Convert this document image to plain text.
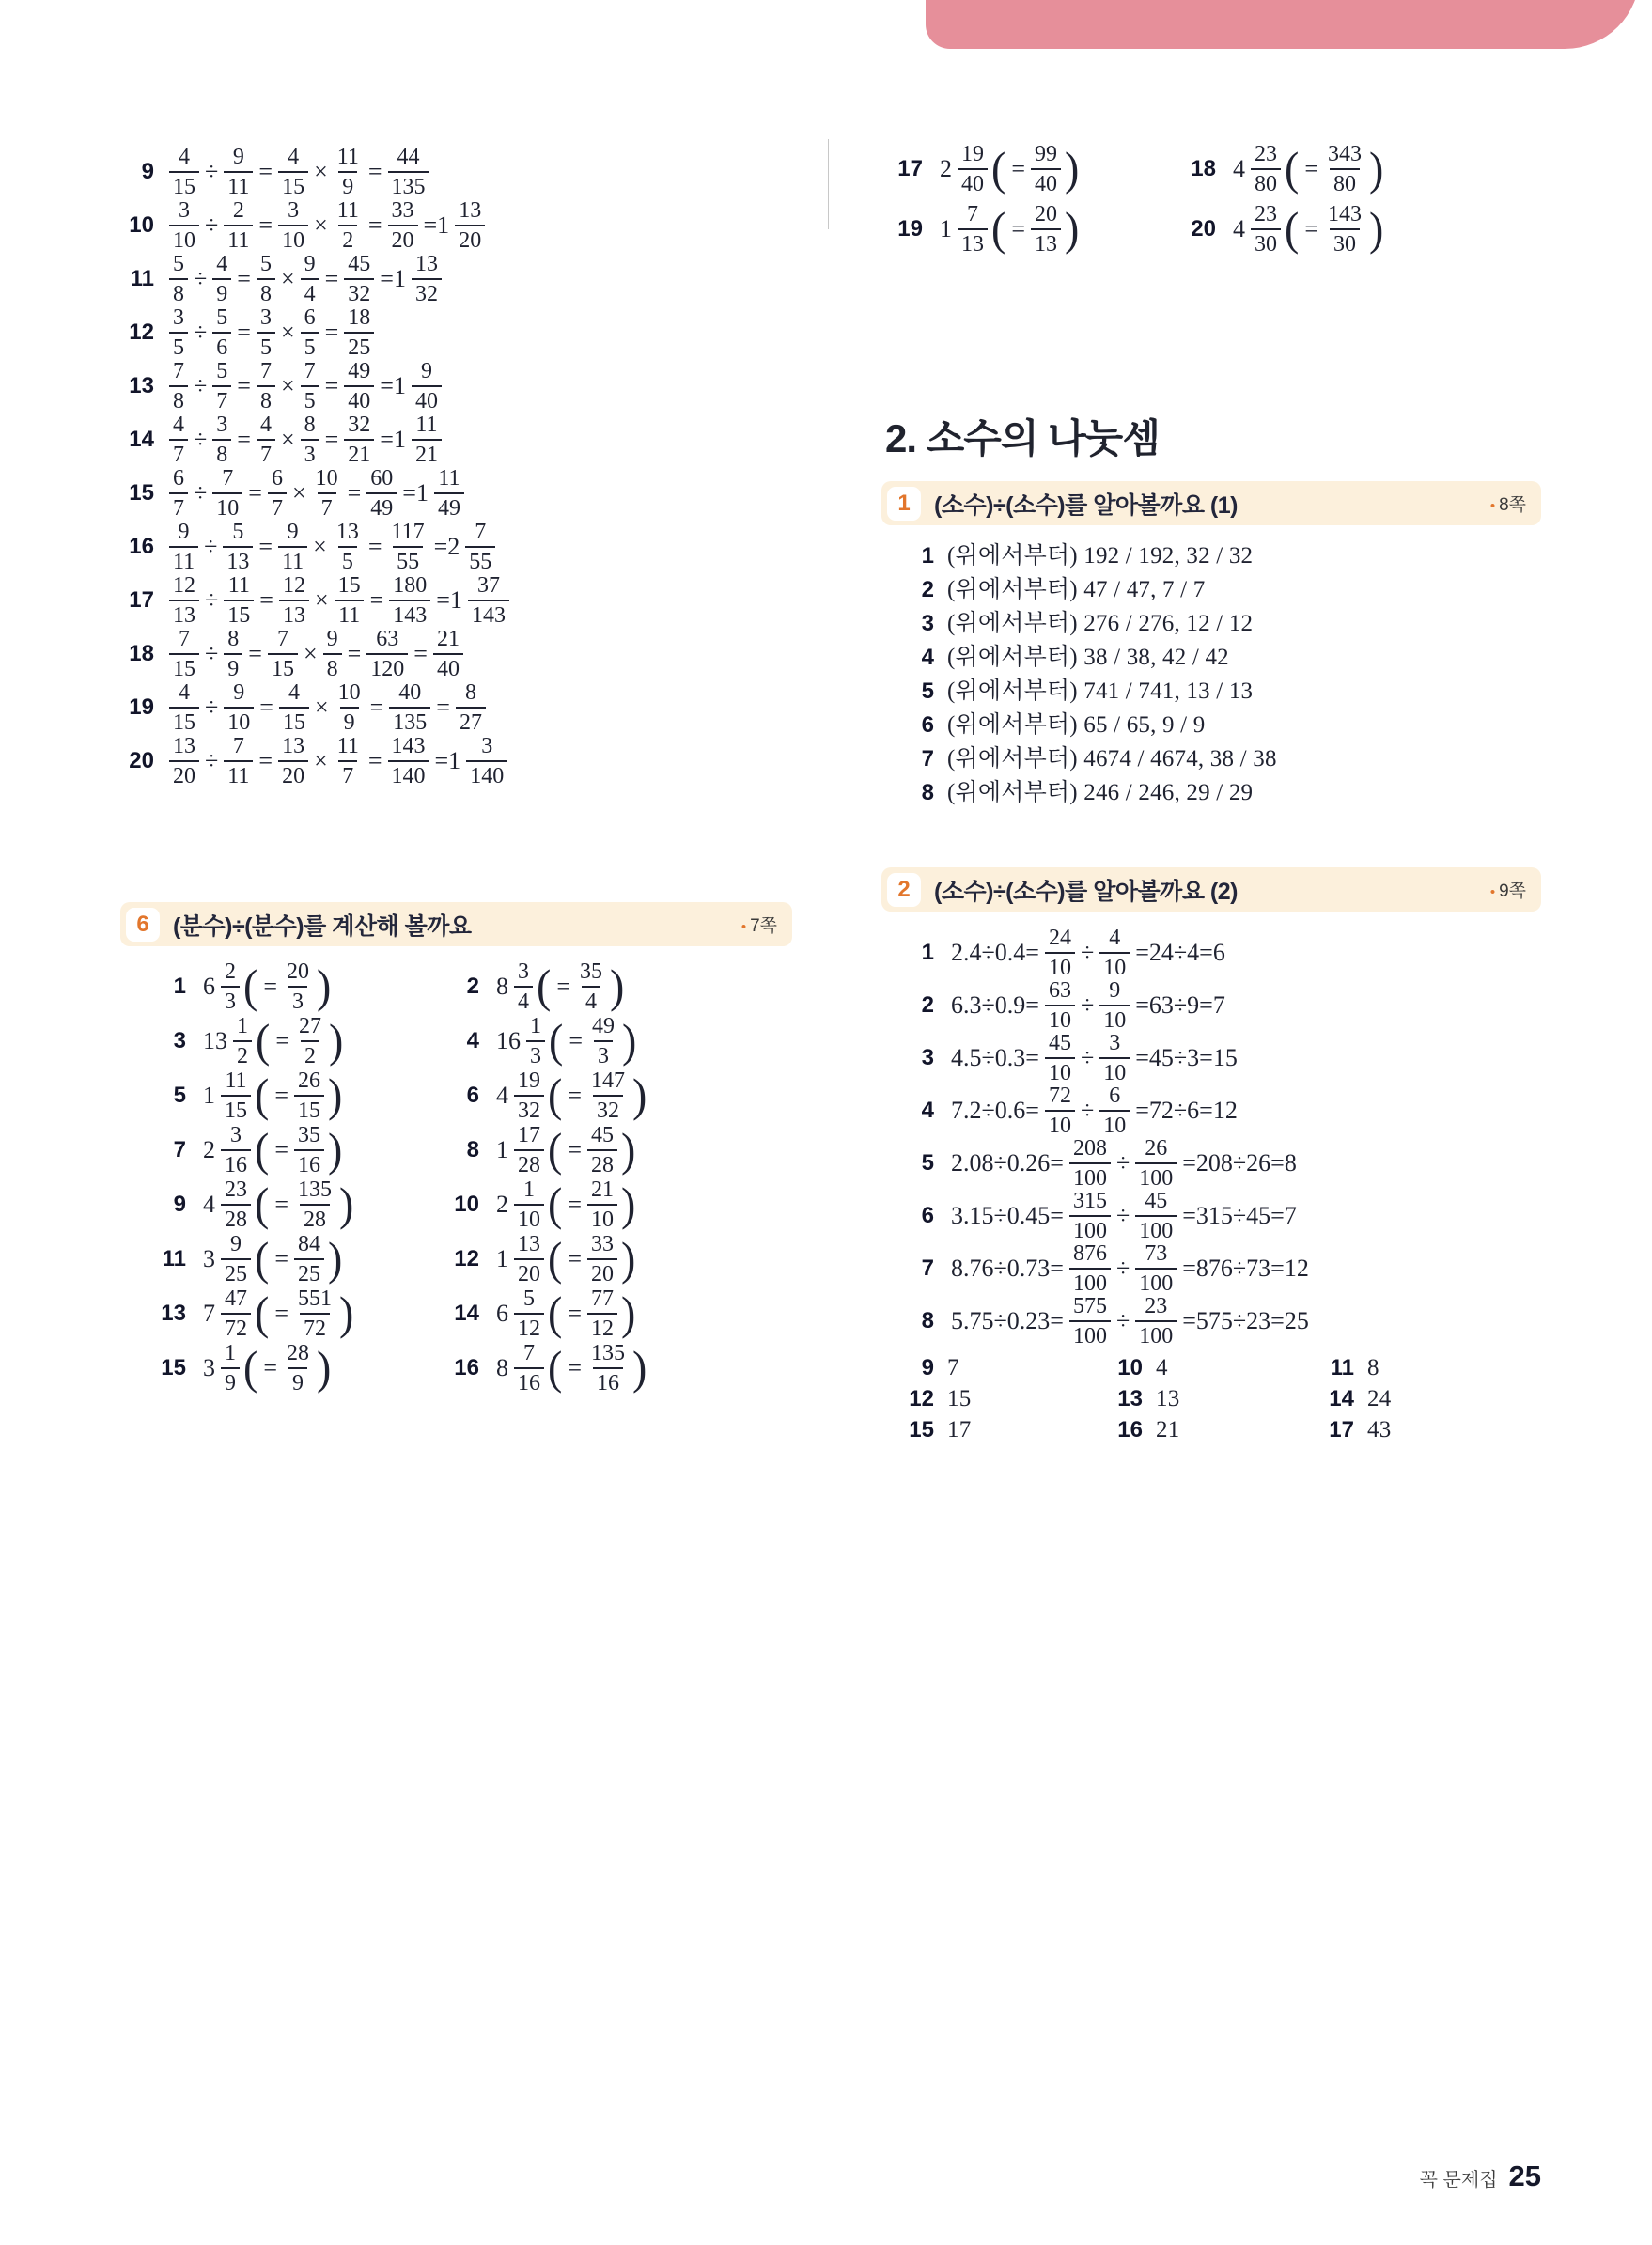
$9 \frac{4}{15} \div \frac{9}{11} = \frac{4}{15} \times \frac{11}{9} = \frac{44}{135}$
$10 \frac{3}{10} \div \frac{2}{11} = \frac{3}{10} \times \frac{11}{2} = \frac{33}{20} =1 \frac{13}{20}$
$11 \frac{5}{8} \div \frac{4}{9} = \frac{5}{8} \times \frac{9}{4} = \frac{45}{32} =1 \frac{13}{32}$
$12 \frac{3}{5} \div \frac{5}{6} = \frac{3}{5} \times \frac{6}{5} = \frac{18}{25}$
$13 \frac{7}{8} \div \frac{5}{7} = \frac{7}{8} \times \frac{7}{5} = \frac{49}{40} =1 \frac{9}{40}$
$14 \frac{4}{7} \div \frac{3}{8} = \frac{4}{7} \times \frac{8}{3} = \frac{32}{21} =1 \frac{11}{21}$
$15 \frac{6}{7} \div \frac{7}{10} = \frac{6}{7} \times \frac{10}{7} = \frac{60}{49} =1 \frac{11}{49}$
$16 \frac{9}{11} \div \frac{5}{13} = \frac{9}{11} \times \frac{13}{5} = \frac{117}{55} =2 \frac{7}{55}$
$17 \frac{12}{13} \div \frac{11}{15} = \frac{12}{13} \times \frac{15}{11} = \frac{180}{143} =1 \frac{37}{143}$
$18 \frac{7}{15} \div \frac{8}{9} = \frac{7}{15} \times \frac{9}{8} = \frac{63}{120} = \frac{21}{40}$
$19 \frac{4}{15} \div \frac{9}{10} = \frac{4}{15} \times \frac{10}{9} = \frac{40}{135} = \frac{8}{27}$
$20 \frac{13}{20} \div \frac{7}{11} = \frac{13}{20} \times \frac{11}{7} = \frac{143}{140} =1 \frac{3}{140}$
6	(분수)÷(분수)를 계산해 볼까요	• 7쪽
1 $6 \frac{2}{3}$ ( = $\frac{20}{3}$ )	2 $8 \frac{3}{4}$ ( = $\frac{35}{4}$ )
3 $13 \frac{1}{2}$ ( = $\frac{27}{2}$ )	4 $16 \frac{1}{3}$ ( = $\frac{49}{3}$ )
5 $1 \frac{11}{15}$ ( = $\frac{26}{15}$ )	6 $4 \frac{19}{32}$ ( = $\frac{147}{32}$ )
7 $2 \frac{3}{16}$ ( = $\frac{35}{16}$ )	8 $1 \frac{17}{28}$ ( = $\frac{45}{28}$ )
9 $4 \frac{23}{28}$ ( = $\frac{135}{28}$ )	10 $2 \frac{1}{10}$ ( = $\frac{21}{10}$ )
11 $3 \frac{9}{25}$ ( = $\frac{84}{25}$ )	12 $1 \frac{13}{20}$ ( = $\frac{33}{20}$ )
13 $7 \frac{47}{72}$ ( = $\frac{551}{72}$ )	14 $6 \frac{5}{12}$ ( = $\frac{77}{12}$ )
15 $3 \frac{1}{9}$ ( = $\frac{28}{9}$ )	16 $8 \frac{7}{16}$ ( = $\frac{135}{16}$ )
17 $2 \frac{19}{40}$ ( = $\frac{99}{40}$ )	18 $4 \frac{23}{80}$ ( = $\frac{343}{80}$ )
19 $1 \frac{7}{13}$ ( = $\frac{20}{13}$ )	20 $4 \frac{23}{30}$ ( = $\frac{143}{30}$ )
2. 소수의 나눗셈
1	(소수)÷(소수)를 알아볼까요 (1)	• 8쪽
1 (위에서부터) 192 / 192, 32 / 32
2 (위에서부터) 47 / 47, 7 / 7
3 (위에서부터) 276 / 276, 12 / 12
4 (위에서부터) 38 / 38, 42 / 42
5 (위에서부터) 741 / 741, 13 / 13
6 (위에서부터) 65 / 65, 9 / 9
7 (위에서부터) 4674 / 4674, 38 / 38
8 (위에서부터) 246 / 246, 29 / 29
2	(소수)÷(소수)를 알아볼까요 (2)	• 9쪽
1 $2.4\div 0.4= \frac{24}{10} \div \frac{4}{10} =24\div 4=6$
2 $6.3\div 0.9= \frac{63}{10} \div \frac{9}{10} =63\div 9=7$
3 $4.5\div 0.3= \frac{45}{10} \div \frac{3}{10} =45\div 3=15$
4 $7.2\div 0.6= \frac{72}{10} \div \frac{6}{10} =72\div 6=12$
5 $2.08\div 0.26= \frac{208}{100} \div \frac{26}{100} =208\div 26=8$
6 $3.15\div 0.45= \frac{315}{100} \div \frac{45}{100} =315\div 45=7$
7 $8.76\div 0.73= \frac{876}{100} \div \frac{73}{100} =876\div 73=12$
8 $5.75\div 0.23= \frac{575}{100} \div \frac{23}{100} =575\div 23=25$
9 7	10 4	11 8
12 15	13 13	14 24
15 17	16 21	17 43
꼭 문제집 25
